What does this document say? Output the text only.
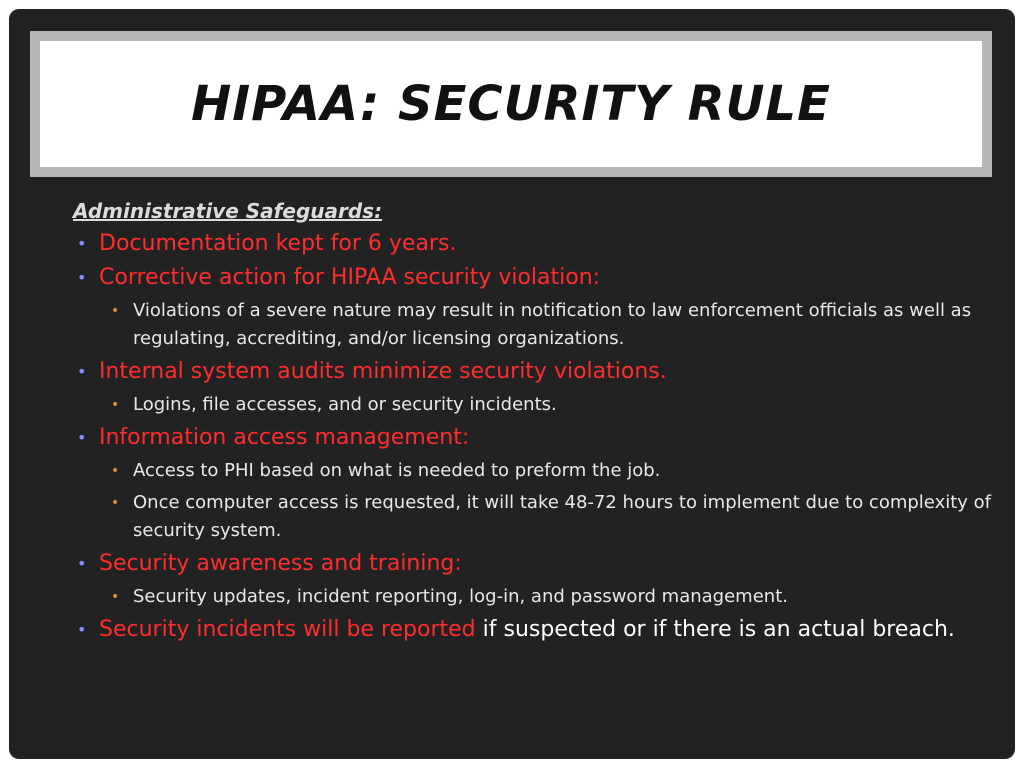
HIPAA: SECURITY RULE
Administrative Safeguards:
• Documentation kept for 6 years.
• Corrective action for HIPAA security violation:
• Violations of a severe nature may result in notification to law enforcement officials as well as regulating, accrediting, and/or licensing organizations.
• Internal system audits minimize security violations.
• Logins, file accesses, and or security incidents.
• Information access management:
• Access to PHI based on what is needed to preform the job.
• Once computer access is requested, it will take 48-72 hours to implement due to complexity of security system.
• Security awareness and training:
• Security updates, incident reporting, log-in, and password management.
• Security incidents will be reported if suspected or if there is an actual breach.
